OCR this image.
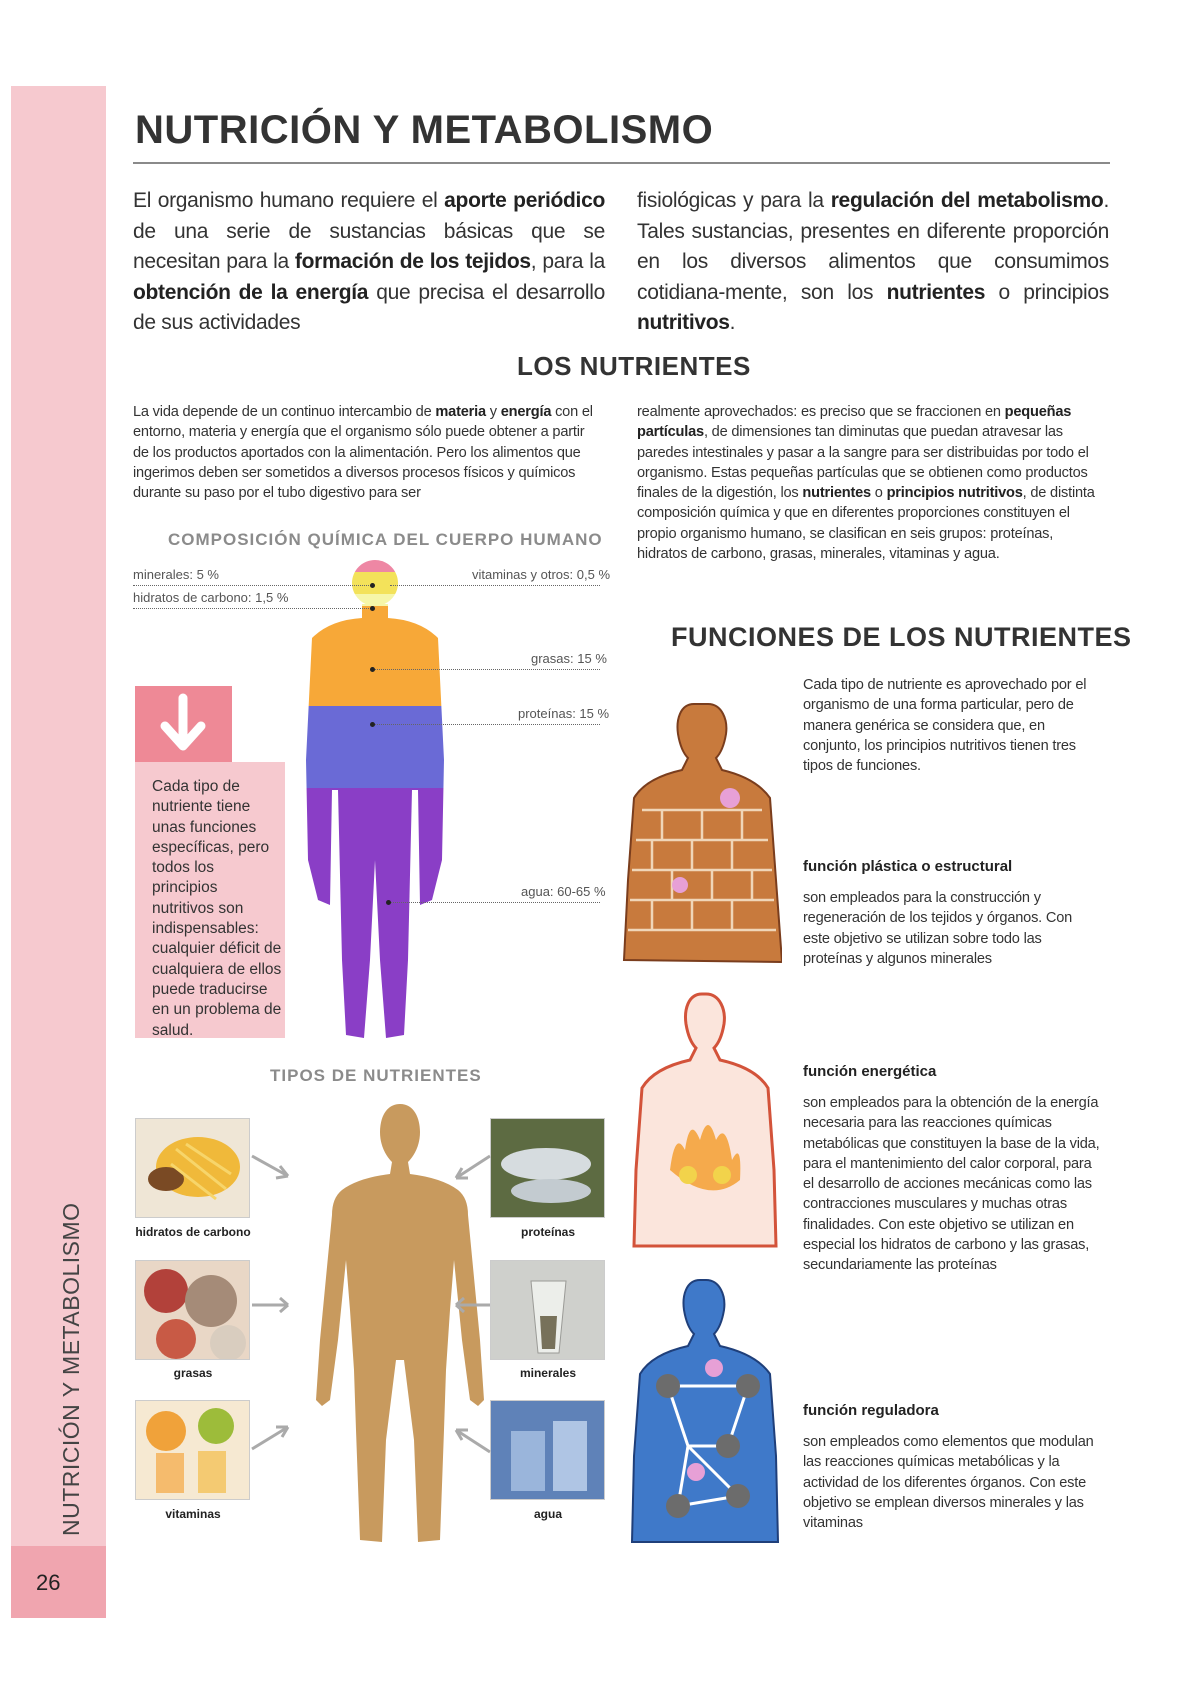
26
NUTRICIÓN Y METABOLISMO
NUTRICIÓN Y METABOLISMO
El organismo humano requiere el aporte periódico de una serie de sustancias básicas que se necesitan para la formación de los tejidos, para la obtención de la energía que precisa el desarrollo de sus actividades
fisiológicas y para la regulación del metabolismo. Tales sustancias, presentes en diferente proporción en los diversos alimentos que consumimos cotidiana-mente, son los nutrientes o principios nutritivos.
LOS NUTRIENTES
La vida depende de un continuo intercambio de materia y energía con el entorno, materia y energía que el organismo sólo puede obtener a partir de los productos aportados con la alimentación. Pero los alimentos que ingerimos deben ser sometidos a diversos procesos físicos y químicos durante su paso por el tubo digestivo para ser
realmente aprovechados: es preciso que se fraccionen en pequeñas partículas, de dimensiones tan diminutas que puedan atravesar las paredes intestinales y pasar a la sangre para ser distribuidas por todo el organismo. Estas pequeñas partículas que se obtienen como productos finales de la digestión, los nutrientes o principios nutritivos, de distinta composición química y que en diferentes proporciones constituyen el propio organismo humano, se clasifican en seis grupos: proteínas, hidratos de carbono, grasas, minerales, vitaminas y agua.
COMPOSICIÓN QUÍMICA DEL CUERPO HUMANO
minerales: 5 %
hidratos de carbono: 1,5 %
vitaminas y otros: 0,5 %
grasas: 15 %
proteínas: 15 %
agua: 60-65 %
Cada tipo de nutriente tiene unas funciones específicas, pero todos los principios nutritivos son indispensables: cualquier déficit de cualquiera de ellos puede traducirse en un problema de salud.
TIPOS DE NUTRIENTES
hidratos de carbono
grasas
vitaminas
proteínas
minerales
agua
FUNCIONES DE LOS NUTRIENTES
Cada tipo de nutriente es aprovechado por el organismo de una forma particular, pero de manera genérica se considera que, en conjunto, los principios nutritivos tienen tres tipos de funciones.
función plástica o estructural
son empleados para la construcción y regeneración de los tejidos y órganos. Con este objetivo se utilizan sobre todo las proteínas y algunos minerales
función energética
son empleados para la obtención de la energía necesaria para las reacciones químicas metabólicas que constituyen la base de la vida, para el mantenimiento del calor corporal, para el desarrollo de acciones mecánicas como las contracciones musculares y muchas otras finalidades. Con este objetivo se utilizan en especial los hidratos de carbono y las grasas, secundariamente las proteínas
función reguladora
son empleados como elementos que modulan las reacciones químicas metabólicas y la actividad de los diferentes órganos. Con este objetivo se emplean diversos minerales y las vitaminas
